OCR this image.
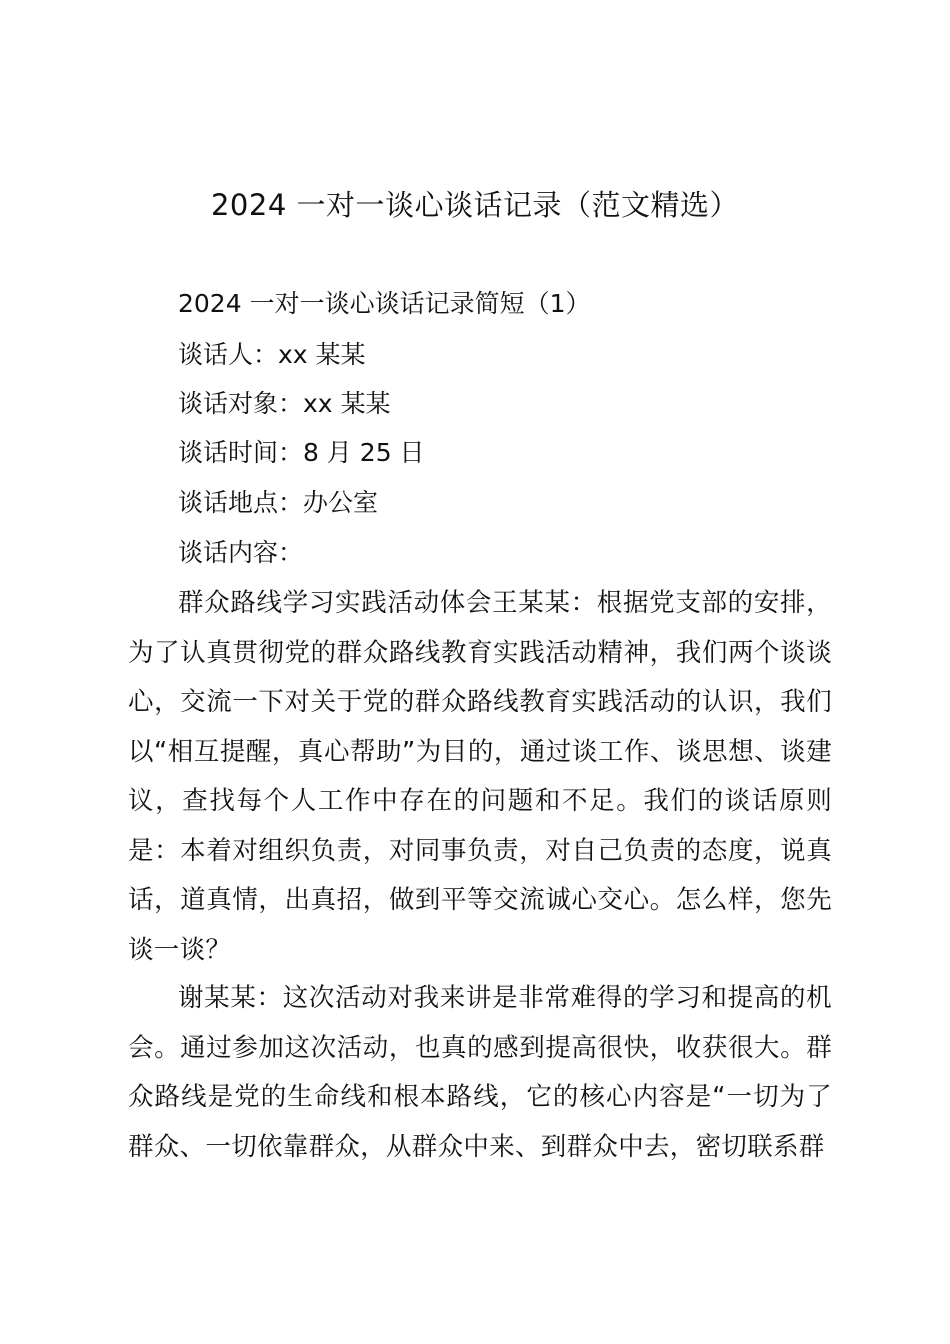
2024 一对一谈心谈话记录（范文精选）
2024 一对一谈心谈话记录简短（1）
谈话人：xx 某某
谈话对象：xx 某某
谈话时间：8 月 25 日
谈话地点：办公室
谈话内容：
群众路线学习实践活动体会王某某：根据党支部的安排，为了认真贯彻党的群众路线教育实践活动精神，我们两个谈谈心，交流一下对关于党的群众路线教育实践活动的认识，我们以“相互提醒，真心帮助”为目的，通过谈工作、谈思想、谈建议，查找每个人工作中存在的问题和不足。我们的谈话原则是：本着对组织负责，对同事负责，对自己负责的态度，说真话，道真情，出真招，做到平等交流诚心交心。怎么样，您先谈一谈？
谢某某：这次活动对我来讲是非常难得的学习和提高的机会。通过参加这次活动，也真的感到提高很快，收获很大。群众路线是党的生命线和根本路线，它的核心内容是“一切为了群众、一切依靠群众，从群众中来、到群众中去，密切联系群
